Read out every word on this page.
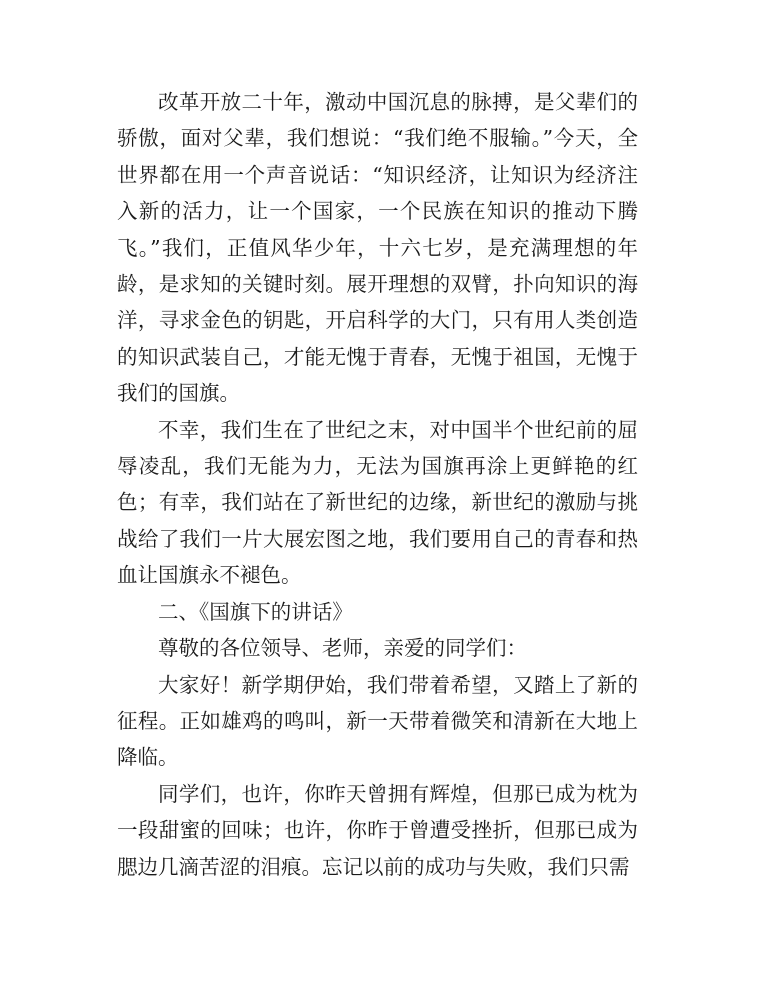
改革开放二十年，激动中国沉息的脉搏，是父辈们的骄傲，面对父辈，我们想说：“我们绝不服输。”今天，全世界都在用一个声音说话：“知识经济，让知识为经济注入新的活力，让一个国家，一个民族在知识的推动下腾飞。”我们，正值风华少年，十六七岁，是充满理想的年龄，是求知的关键时刻。展开理想的双臂，扑向知识的海洋，寻求金色的钥匙，开启科学的大门，只有用人类创造的知识武装自己，才能无愧于青春，无愧于祖国，无愧于我们的国旗。

不幸，我们生在了世纪之末，对中国半个世纪前的屈辱凌乱，我们无能为力，无法为国旗再涂上更鲜艳的红色；有幸，我们站在了新世纪的边缘，新世纪的激励与挑战给了我们一片大展宏图之地，我们要用自己的青春和热血让国旗永不褪色。

二、《国旗下的讲话》

尊敬的各位领导、老师，亲爱的同学们：

大家好！新学期伊始，我们带着希望，又踏上了新的征程。正如雄鸡的鸣叫，新一天带着微笑和清新在大地上降临。

同学们，也许，你昨天曾拥有辉煌，但那已成为枕为一段甜蜜的回味；也许，你昨于曾遭受挫折，但那已成为腮边几滴苦涩的泪痕。忘记以前的成功与失败，我们只需
